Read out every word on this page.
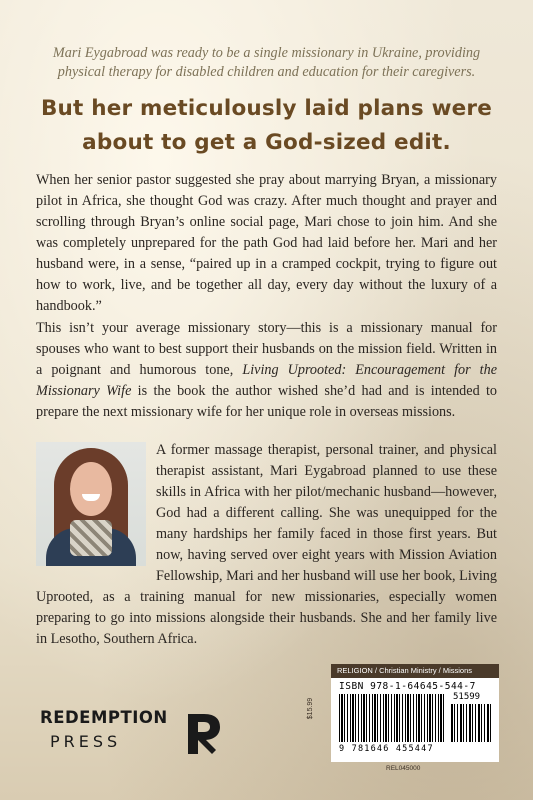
Mari Eygabroad was ready to be a single missionary in Ukraine, providing physical therapy for disabled children and education for their caregivers.
But her meticulously laid plans were
about to get a God-sized edit.
When her senior pastor suggested she pray about marrying Bryan, a missionary pilot in Africa, she thought God was crazy. After much thought and prayer and scrolling through Bryan’s online social page, Mari chose to join him. And she was completely unprepared for the path God had laid before her. Mari and her husband were, in a sense, “paired up in a cramped cockpit, trying to figure out how to work, live, and be together all day, every day without the luxury of a handbook.”
This isn’t your average missionary story—this is a missionary manual for spouses who want to best support their husbands on the mission field. Written in a poignant and humorous tone, Living Uprooted: Encouragement for the Missionary Wife is the book the author wished she’d had and is intended to prepare the next missionary wife for her unique role in overseas missions.
A former massage therapist, personal trainer, and physical therapist assistant, Mari Eygabroad planned to use these skills in Africa with her pilot/mechanic husband—however, God had a different calling. She was unequipped for the many hardships her family faced in those first years. But now, having served over eight years with Mission Aviation Fellowship, Mari and her husband will use her book, Living Uprooted, as a training manual for new missionaries, especially women preparing to go into missions alongside their husbands. She and her family live in Lesotho, Southern Africa.
REDEMPTION
PRESS
$15.99
RELIGION / Christian Ministry / Missions
ISBN 978-1-64645-544-7
51599
9 781646 455447
REL045000
